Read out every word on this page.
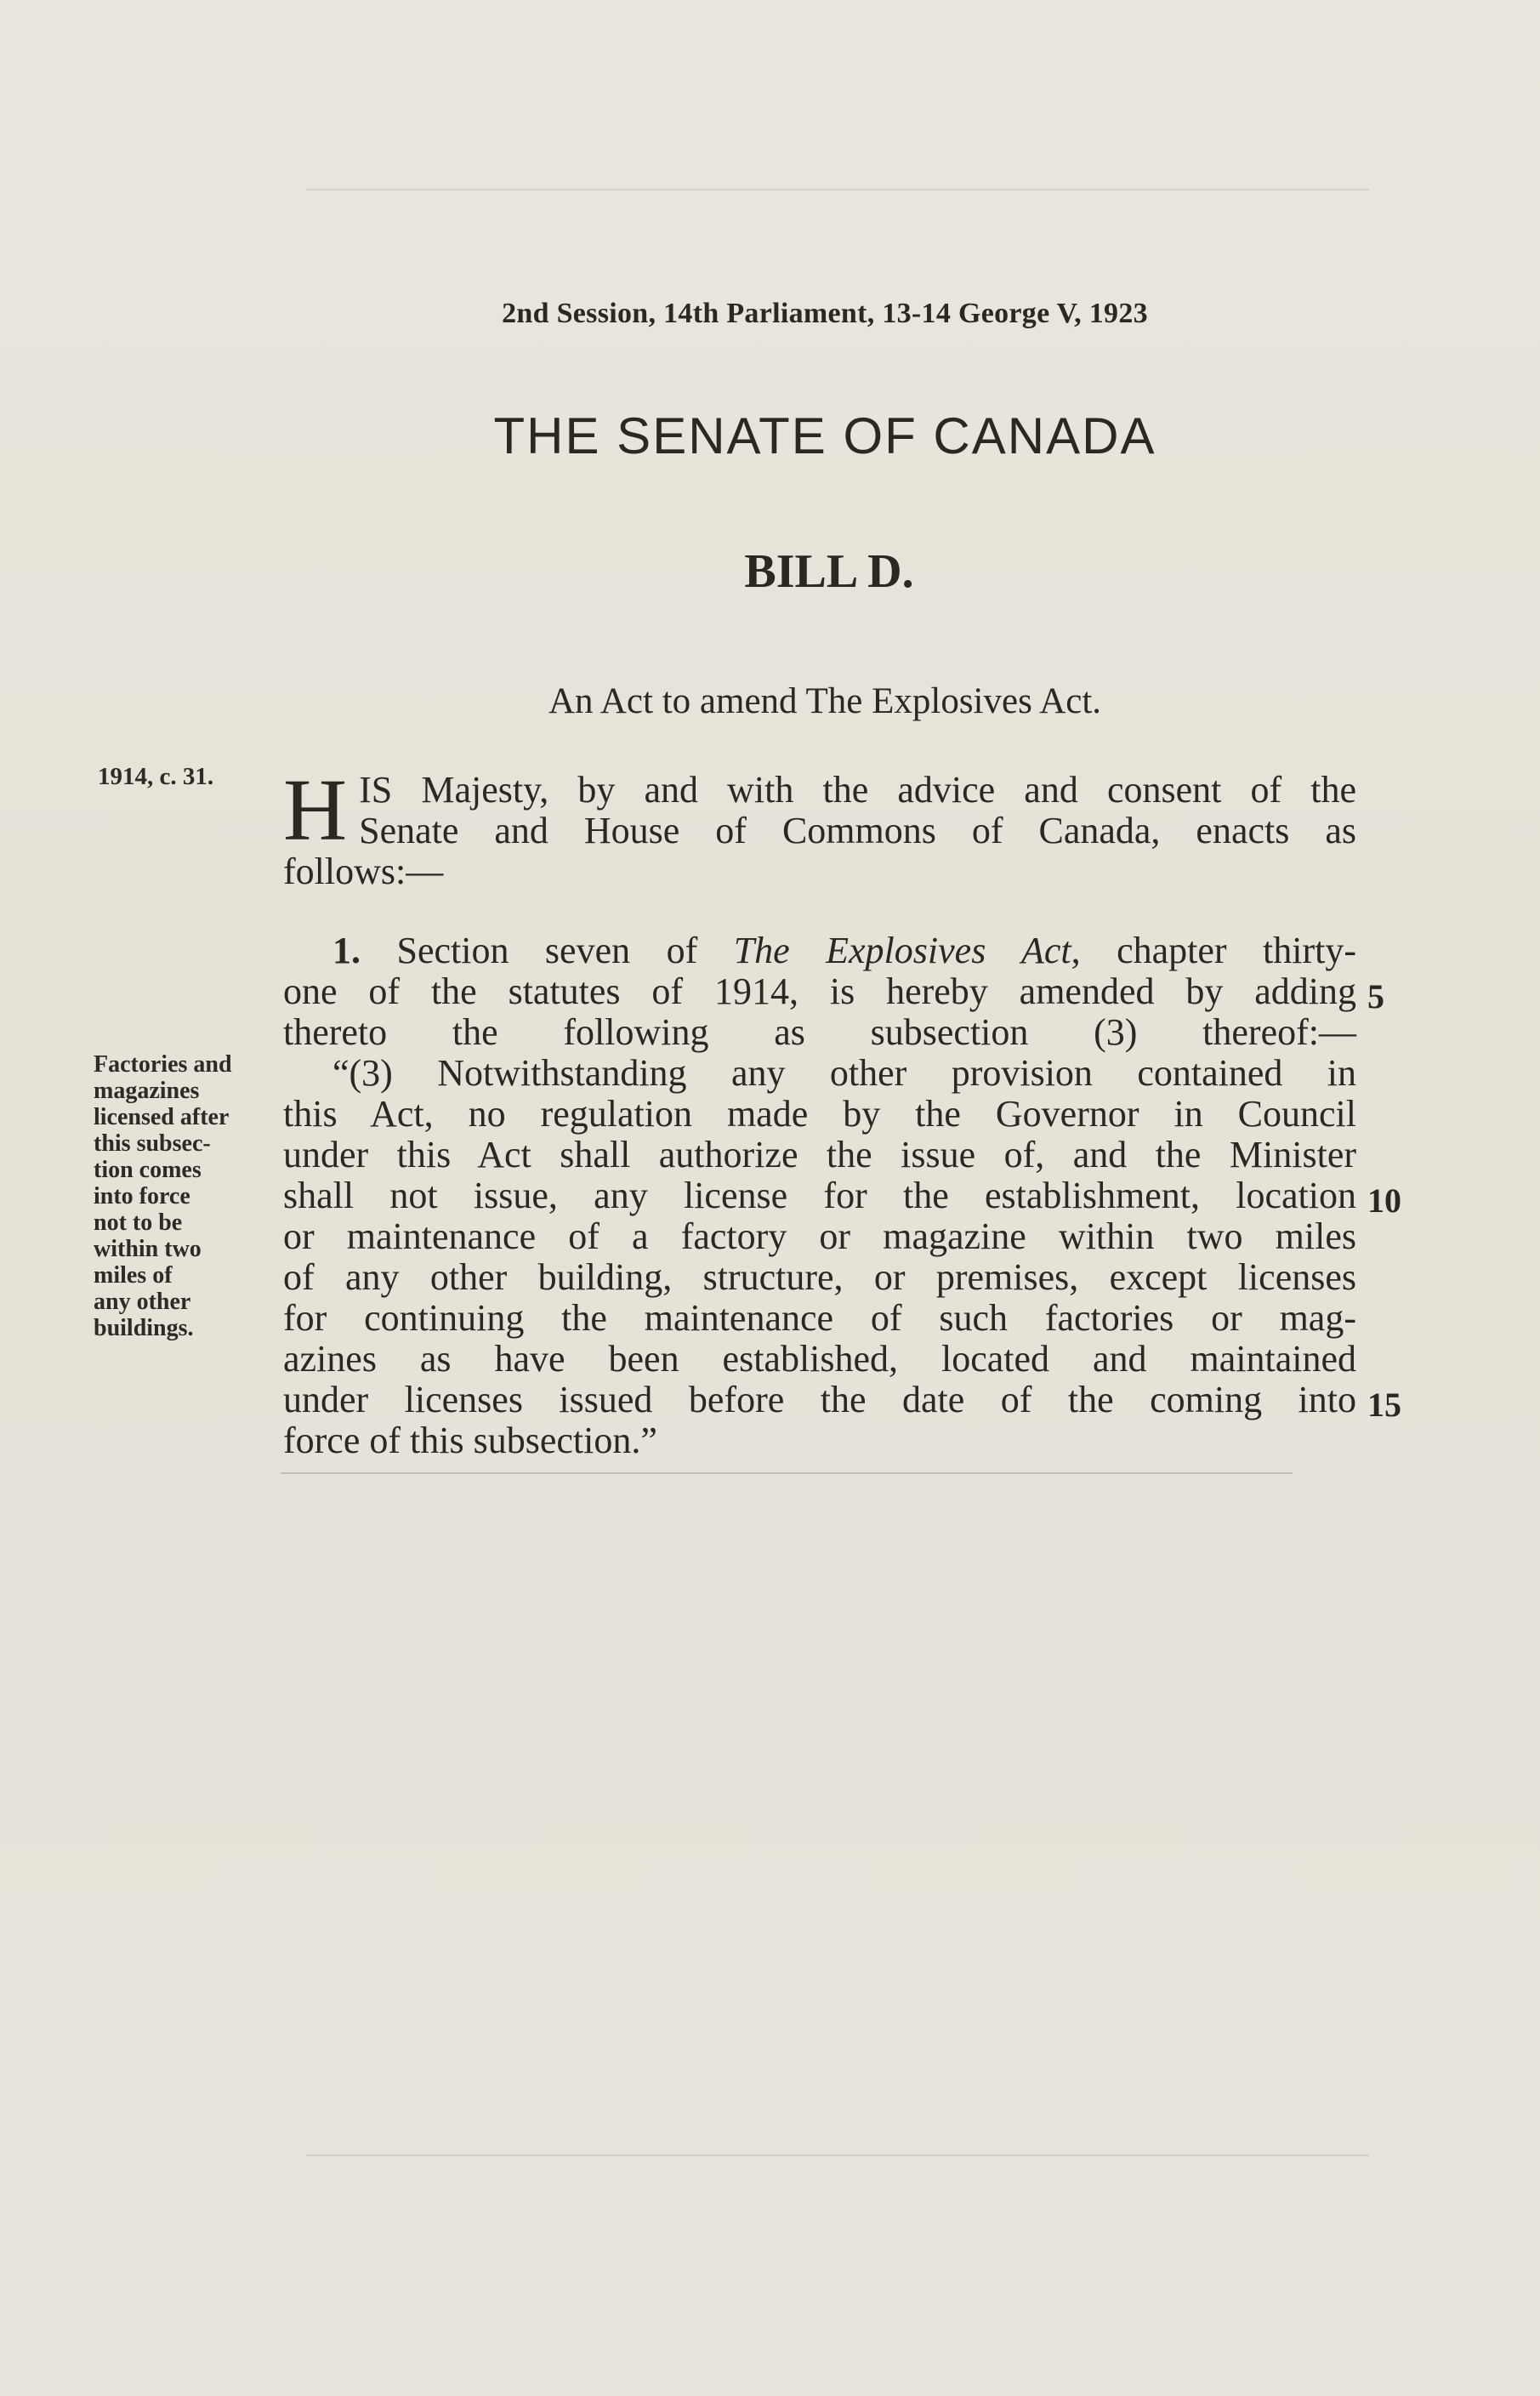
2nd Session, 14th Parliament, 13-14 George V, 1923
THE SENATE OF CANADA
BILL D.
An Act to amend The Explosives Act.
1914, c. 31.
Factories and
magazines
licensed after
this subsec-
tion comes
into force
not to be
within two
miles of
any other
buildings.
H IS Majesty, by and with the advice and consent of the
Senate and House of Commons of Canada, enacts as
follows:—
1. Section seven of The Explosives Act, chapter thirty-
one of the statutes of 1914, is hereby amended by adding
thereto the following as subsection (3) thereof:—
“(3) Notwithstanding any other provision contained in
this Act, no regulation made by the Governor in Council
under this Act shall authorize the issue of, and the Minister
shall not issue, any license for the establishment, location
or maintenance of a factory or magazine within two miles
of any other building, structure, or premises, except licenses
for continuing the maintenance of such factories or mag-
azines as have been established, located and maintained
under licenses issued before the date of the coming into
force of this subsection.”
5
10
15
